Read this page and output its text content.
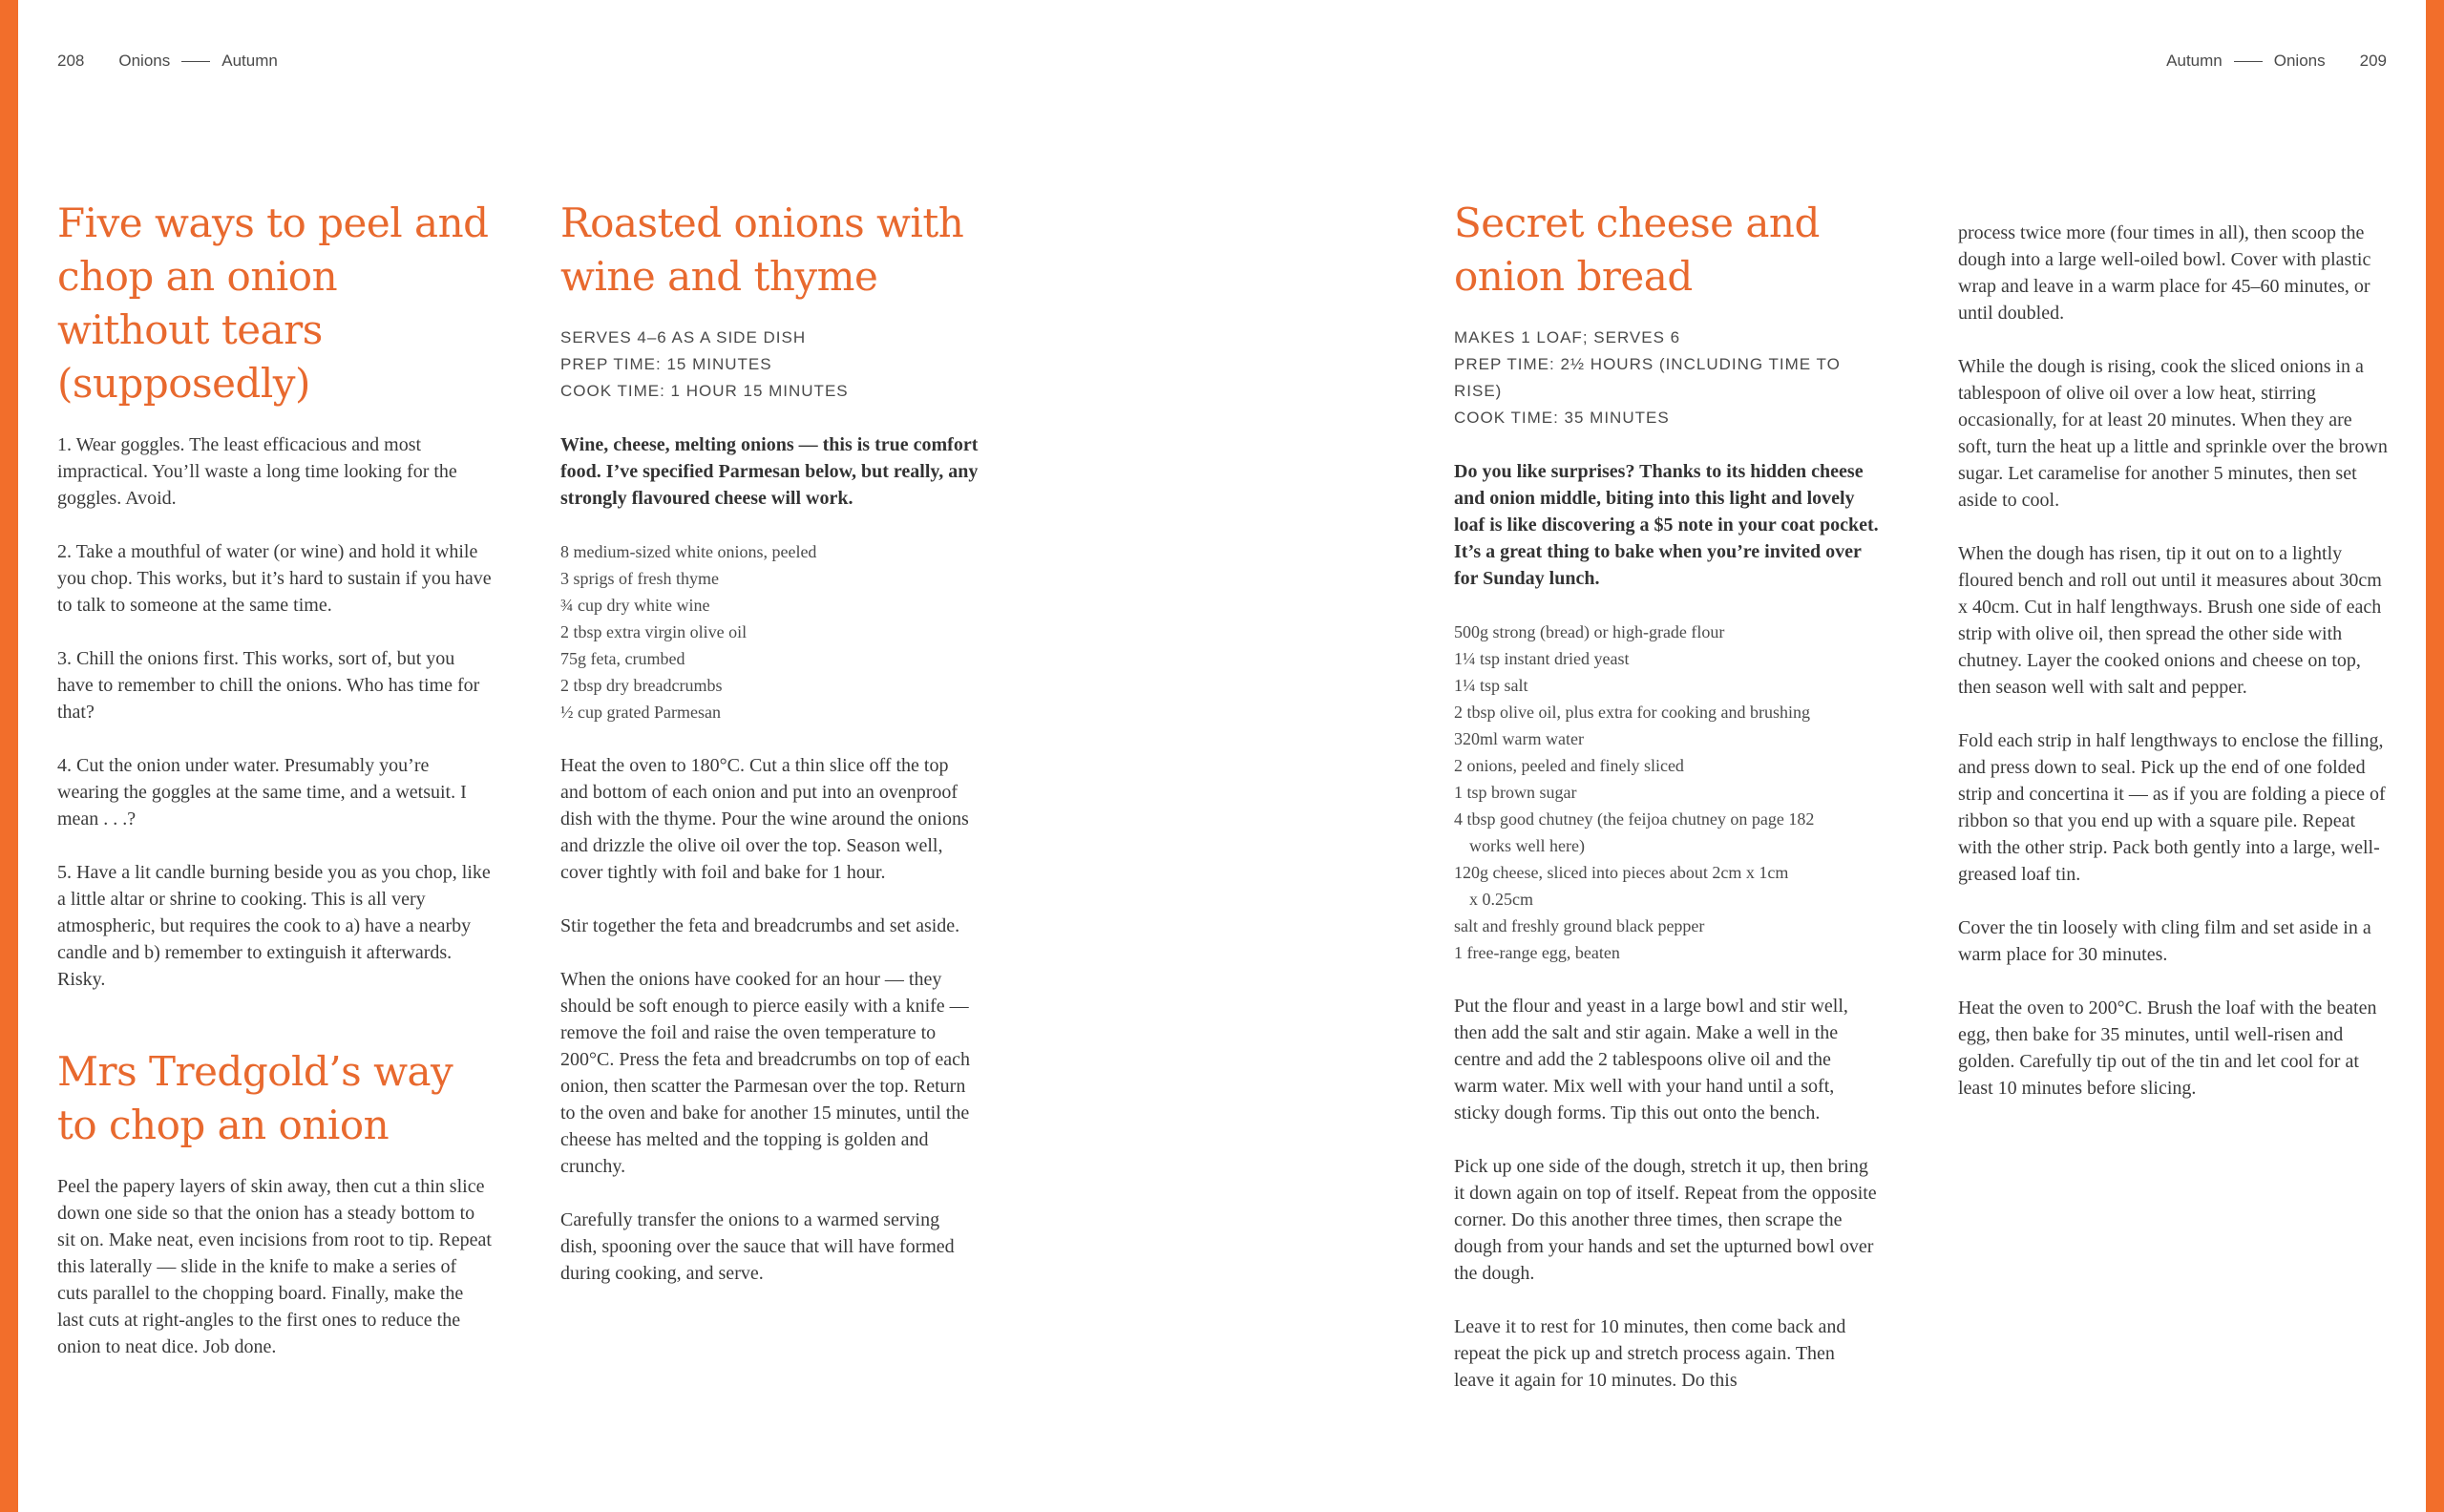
208 Onions	Autumn	Autumn	Onions 209
Five ways to peel and chop an onion without tears (supposedly)

1. Wear goggles. The least efficacious and most impractical. You’ll waste a long time looking for the goggles. Avoid.

2. Take a mouthful of water (or wine) and hold it while you chop. This works, but it’s hard to sustain if you have to talk to someone at the same time.

3. Chill the onions first. This works, sort of, but you have to remember to chill the onions. Who has time for that?

4. Cut the onion under water. Presumably you’re wearing the goggles at the same time, and a wetsuit. I mean . . .?

5. Have a lit candle burning beside you as you chop, like a little altar or shrine to cooking. This is all very atmospheric, but requires the cook to a) have a nearby candle and b) remember to extinguish it afterwards. Risky.

Mrs Tredgold’s way to chop an onion

Peel the papery layers of skin away, then cut a thin slice down one side so that the onion has a steady bottom to sit on. Make neat, even incisions from root to tip. Repeat this laterally — slide in the knife to make a series of cuts parallel to the chopping board. Finally, make the last cuts at right-angles to the first ones to reduce the onion to neat dice. Job done.

Roasted onions with wine and thyme
SERVES 4–6 AS A SIDE DISH
PREP TIME: 15 MINUTES
COOK TIME: 1 HOUR 15 MINUTES

Wine, cheese, melting onions — this is true comfort food. I’ve specified Parmesan below, but really, any strongly flavoured cheese will work.

8 medium-sized white onions, peeled
3 sprigs of fresh thyme
¾ cup dry white wine
2 tbsp extra virgin olive oil
75g feta, crumbed
2 tbsp dry breadcrumbs
½ cup grated Parmesan

Heat the oven to 180°C. Cut a thin slice off the top and bottom of each onion and put into an ovenproof dish with the thyme. Pour the wine around the onions and drizzle the olive oil over the top. Season well, cover tightly with foil and bake for 1 hour.

Stir together the feta and breadcrumbs and set aside.

When the onions have cooked for an hour — they should be soft enough to pierce easily with a knife — remove the foil and raise the oven temperature to 200°C. Press the feta and breadcrumbs on top of each onion, then scatter the Parmesan over the top. Return to the oven and bake for another 15 minutes, until the cheese has melted and the topping is golden and crunchy.

Carefully transfer the onions to a warmed serving dish, spooning over the sauce that will have formed during cooking, and serve.

Secret cheese and onion bread
MAKES 1 LOAF; SERVES 6
PREP TIME: 2½ HOURS (INCLUDING TIME TO RISE)
COOK TIME: 35 MINUTES

Do you like surprises? Thanks to its hidden cheese and onion middle, biting into this light and lovely loaf is like discovering a $5 note in your coat pocket. It’s a great thing to bake when you’re invited over for Sunday lunch.

500g strong (bread) or high-grade flour
1¼ tsp instant dried yeast
1¼ tsp salt
2 tbsp olive oil, plus extra for cooking and brushing
320ml warm water
2 onions, peeled and finely sliced
1 tsp brown sugar
4 tbsp good chutney (the feijoa chutney on page 182
works well here)
120g cheese, sliced into pieces about 2cm x 1cm
x 0.25cm
salt and freshly ground black pepper
1 free-range egg, beaten

Put the flour and yeast in a large bowl and stir well, then add the salt and stir again. Make a well in the centre and add the 2 tablespoons olive oil and the warm water. Mix well with your hand until a soft, sticky dough forms. Tip this out onto the bench.

Pick up one side of the dough, stretch it up, then bring it down again on top of itself. Repeat from the opposite corner. Do this another three times, then scrape the dough from your hands and set the upturned bowl over the dough.

Leave it to rest for 10 minutes, then come back and repeat the pick up and stretch process again. Then leave it again for 10 minutes. Do this

process twice more (four times in all), then scoop the dough into a large well-oiled bowl. Cover with plastic wrap and leave in a warm place for 45–60 minutes, or until doubled.

While the dough is rising, cook the sliced onions in a tablespoon of olive oil over a low heat, stirring occasionally, for at least 20 minutes. When they are soft, turn the heat up a little and sprinkle over the brown sugar. Let caramelise for another 5 minutes, then set aside to cool.

When the dough has risen, tip it out on to a lightly floured bench and roll out until it measures about 30cm x 40cm. Cut in half lengthways. Brush one side of each strip with olive oil, then spread the other side with chutney. Layer the cooked onions and cheese on top, then season well with salt and pepper.

Fold each strip in half lengthways to enclose the filling, and press down to seal. Pick up the end of one folded strip and concertina it — as if you are folding a piece of ribbon so that you end up with a square pile. Repeat with the other strip. Pack both gently into a large, well-greased loaf tin.

Cover the tin loosely with cling film and set aside in a warm place for 30 minutes.

Heat the oven to 200°C. Brush the loaf with the beaten egg, then bake for 35 minutes, until well-risen and golden. Carefully tip out of the tin and let cool for at least 10 minutes before slicing.
